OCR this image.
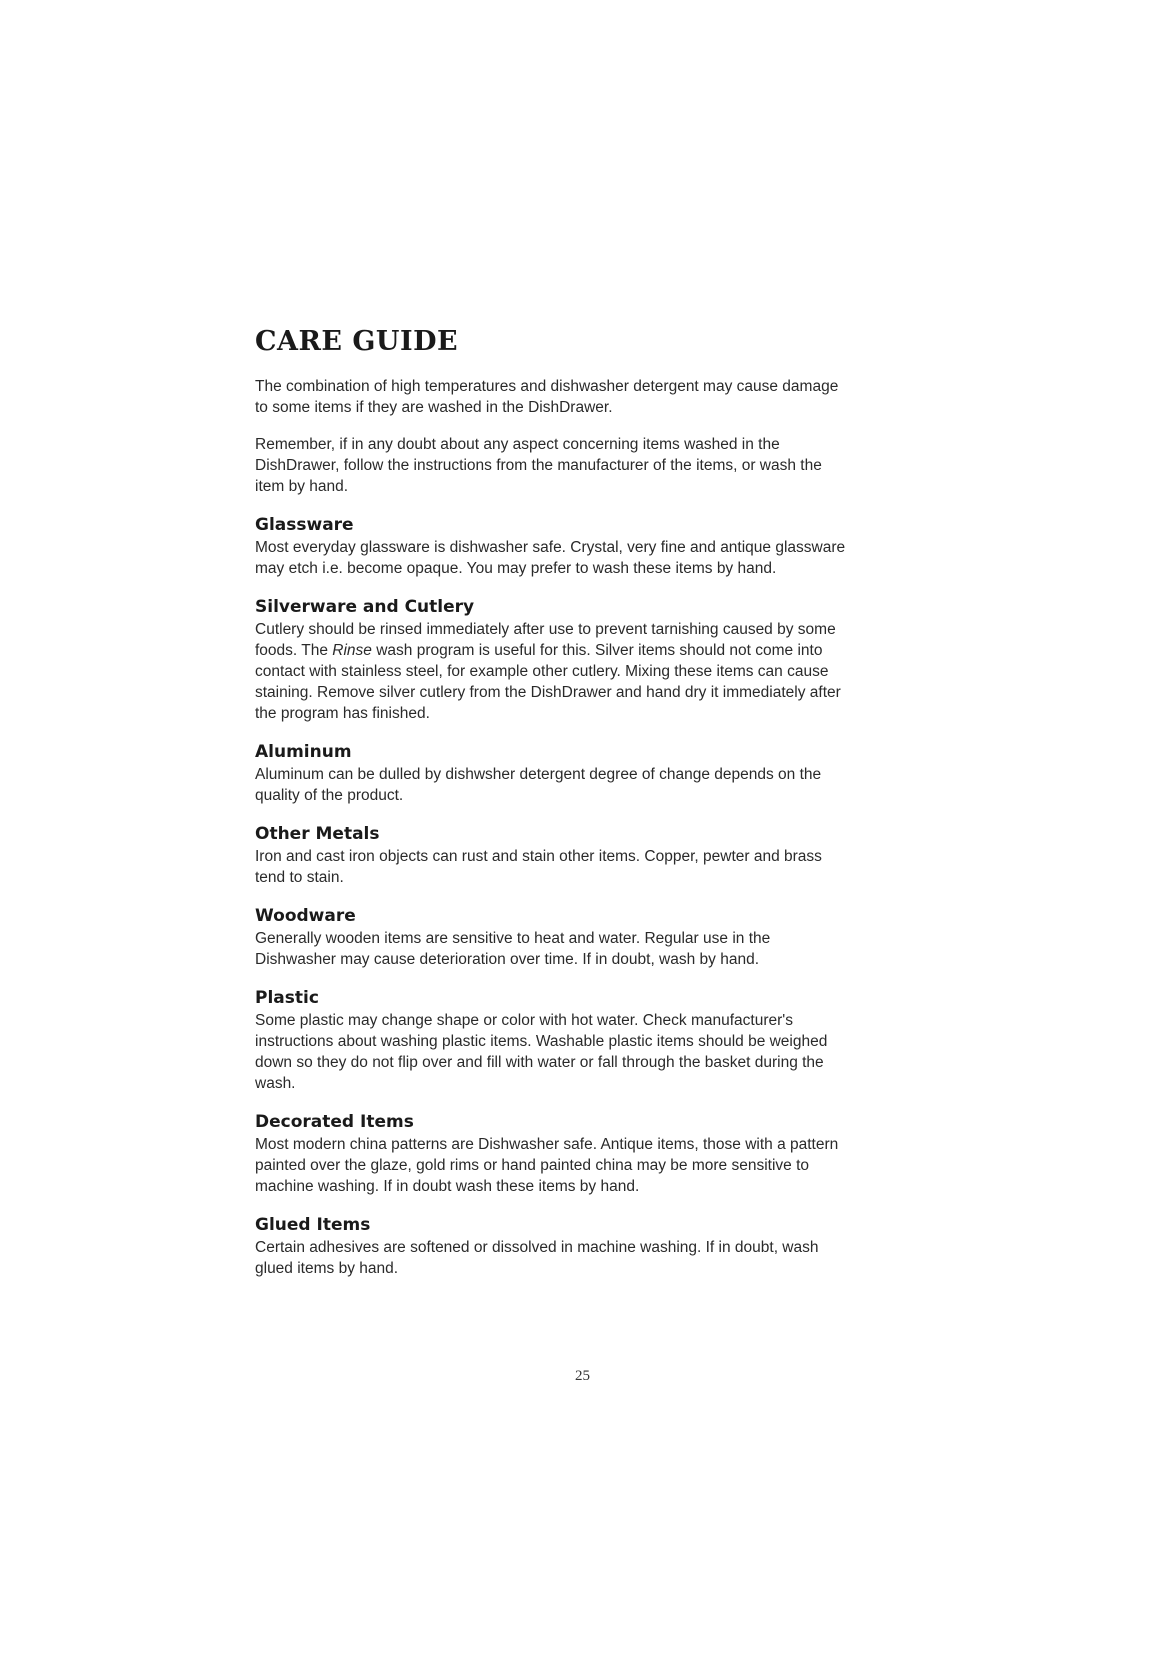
CARE GUIDE

The combination of high temperatures and dishwasher detergent may cause damage
to some items if they are washed in the DishDrawer.

Remember, if in any doubt about any aspect concerning items washed in the
DishDrawer, follow the instructions from the manufacturer of the items, or wash the
item by hand.

Glassware

Most everyday glassware is dishwasher safe. Crystal, very fine and antique glassware
may etch i.e. become opaque. You may prefer to wash these items by hand.

Silverware and Cutlery

Cutlery should be rinsed immediately after use to prevent tarnishing caused by some
foods. The Rinse wash program is useful for this. Silver items should not come into
contact with stainless steel, for example other cutlery. Mixing these items can cause
staining. Remove silver cutlery from the DishDrawer and hand dry it immediately after
the program has finished.

Aluminum

Aluminum can be dulled by dishwsher detergent degree of change depends on the
quality of the product.

Other Metals

Iron and cast iron objects can rust and stain other items. Copper, pewter and brass
tend to stain.

Woodware

Generally wooden items are sensitive to heat and water. Regular use in the
Dishwasher may cause deterioration over time. If in doubt, wash by hand.

Plastic

Some plastic may change shape or color with hot water. Check manufacturer's
instructions about washing plastic items. Washable plastic items should be weighed
down so they do not flip over and fill with water or fall through the basket during the
wash.

Decorated Items

Most modern china patterns are Dishwasher safe. Antique items, those with a pattern
painted over the glaze, gold rims or hand painted china may be more sensitive to
machine washing. If in doubt wash these items by hand.

Glued Items

Certain adhesives are softened or dissolved in machine washing. If in doubt, wash
glued items by hand.

25
